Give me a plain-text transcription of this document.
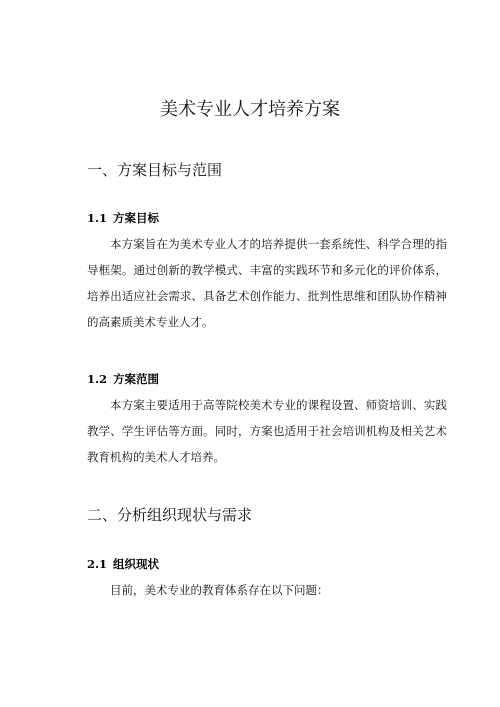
美术专业人才培养方案
一、方案目标与范围
1.1 方案目标

本方案旨在为美术专业人才的培养提供一套系统性、科学合理的指导框架。通过创新的教学模式、丰富的实践环节和多元化的评价体系，培养出适应社会需求、具备艺术创作能力、批判性思维和团队协作精神的高素质美术专业人才。

1.2 方案范围

本方案主要适用于高等院校美术专业的课程设置、师资培训、实践教学、学生评估等方面。同时，方案也适用于社会培训机构及相关艺术教育机构的美术人才培养。

二、分析组织现状与需求
2.1 组织现状

目前，美术专业的教育体系存在以下问题：
